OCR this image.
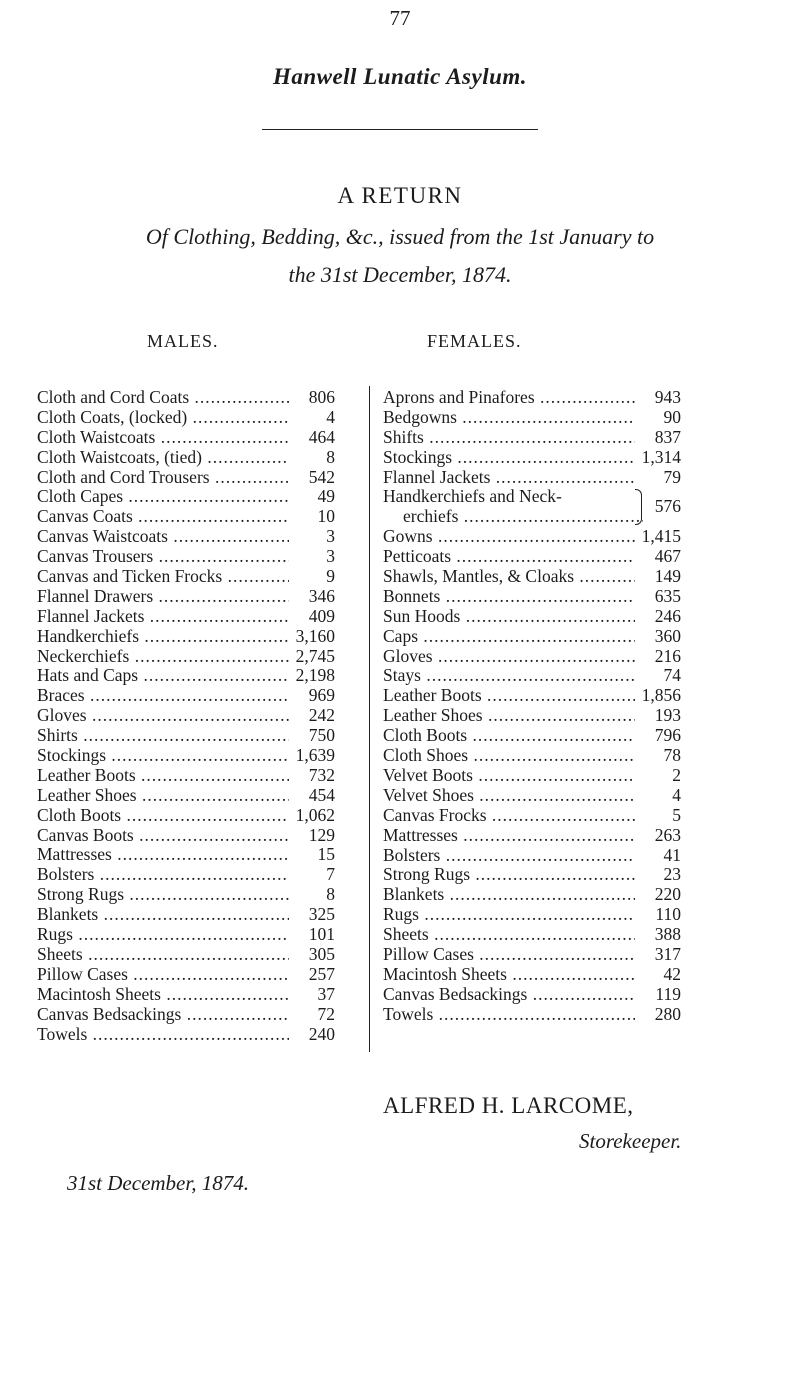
77
Hanwell Lunatic Asylum.
A RETURN
Of Clothing, Bedding, &c., issued from the 1st January to
the 31st December, 1874.
MALES.	FEMALES.
Cloth and Cord Coats .....	806
Cloth Coats, (locked) .....	4
Cloth Waistcoats .....	464
Cloth Waistcoats, (tied) .....	8
Cloth and Cord Trousers .....	542
Cloth Capes .....	49
Canvas Coats .....	10
Canvas Waistcoats .....	3
Canvas Trousers .....	3
Canvas and Ticken Frocks .....	9
Flannel Drawers .....	346
Flannel Jackets .....	409
Handkerchiefs .....	3,160
Neckerchiefs .....	2,745
Hats and Caps .....	2,198
Braces .....	969
Gloves .....	242
Shirts .....	750
Stockings .....	1,639
Leather Boots .....	732
Leather Shoes .....	454
Cloth Boots .....	1,062
Canvas Boots .....	129
Mattresses .....	15
Bolsters .....	7
Strong Rugs .....	8
Blankets .....	325
Rugs .....	101
Sheets .....	305
Pillow Cases .....	257
Macintosh Sheets .....	37
Canvas Bedsackings .....	72
Towels .....	240
Aprons and Pinafores .....	943
Bedgowns .....	90
Shifts .....	837
Stockings .....	1,314
Flannel Jackets .....	79
Handkerchiefs and Neck-
erchiefs .....	576
Gowns .....	1,415
Petticoats .....	467
Shawls, Mantles, & Cloaks .....	149
Bonnets .....	635
Sun Hoods .....	246
Caps .....	360
Gloves .....	216
Stays .....	74
Leather Boots .....	1,856
Leather Shoes .....	193
Cloth Boots .....	796
Cloth Shoes .....	78
Velvet Boots .....	2
Velvet Shoes .....	4
Canvas Frocks .....	5
Mattresses .....	263
Bolsters .....	41
Strong Rugs .....	23
Blankets .....	220
Rugs .....	110
Sheets .....	388
Pillow Cases .....	317
Macintosh Sheets .....	42
Canvas Bedsackings .....	119
Towels .....	280
ALFRED H. LARCOME,
Storekeeper.
31st December, 1874.
